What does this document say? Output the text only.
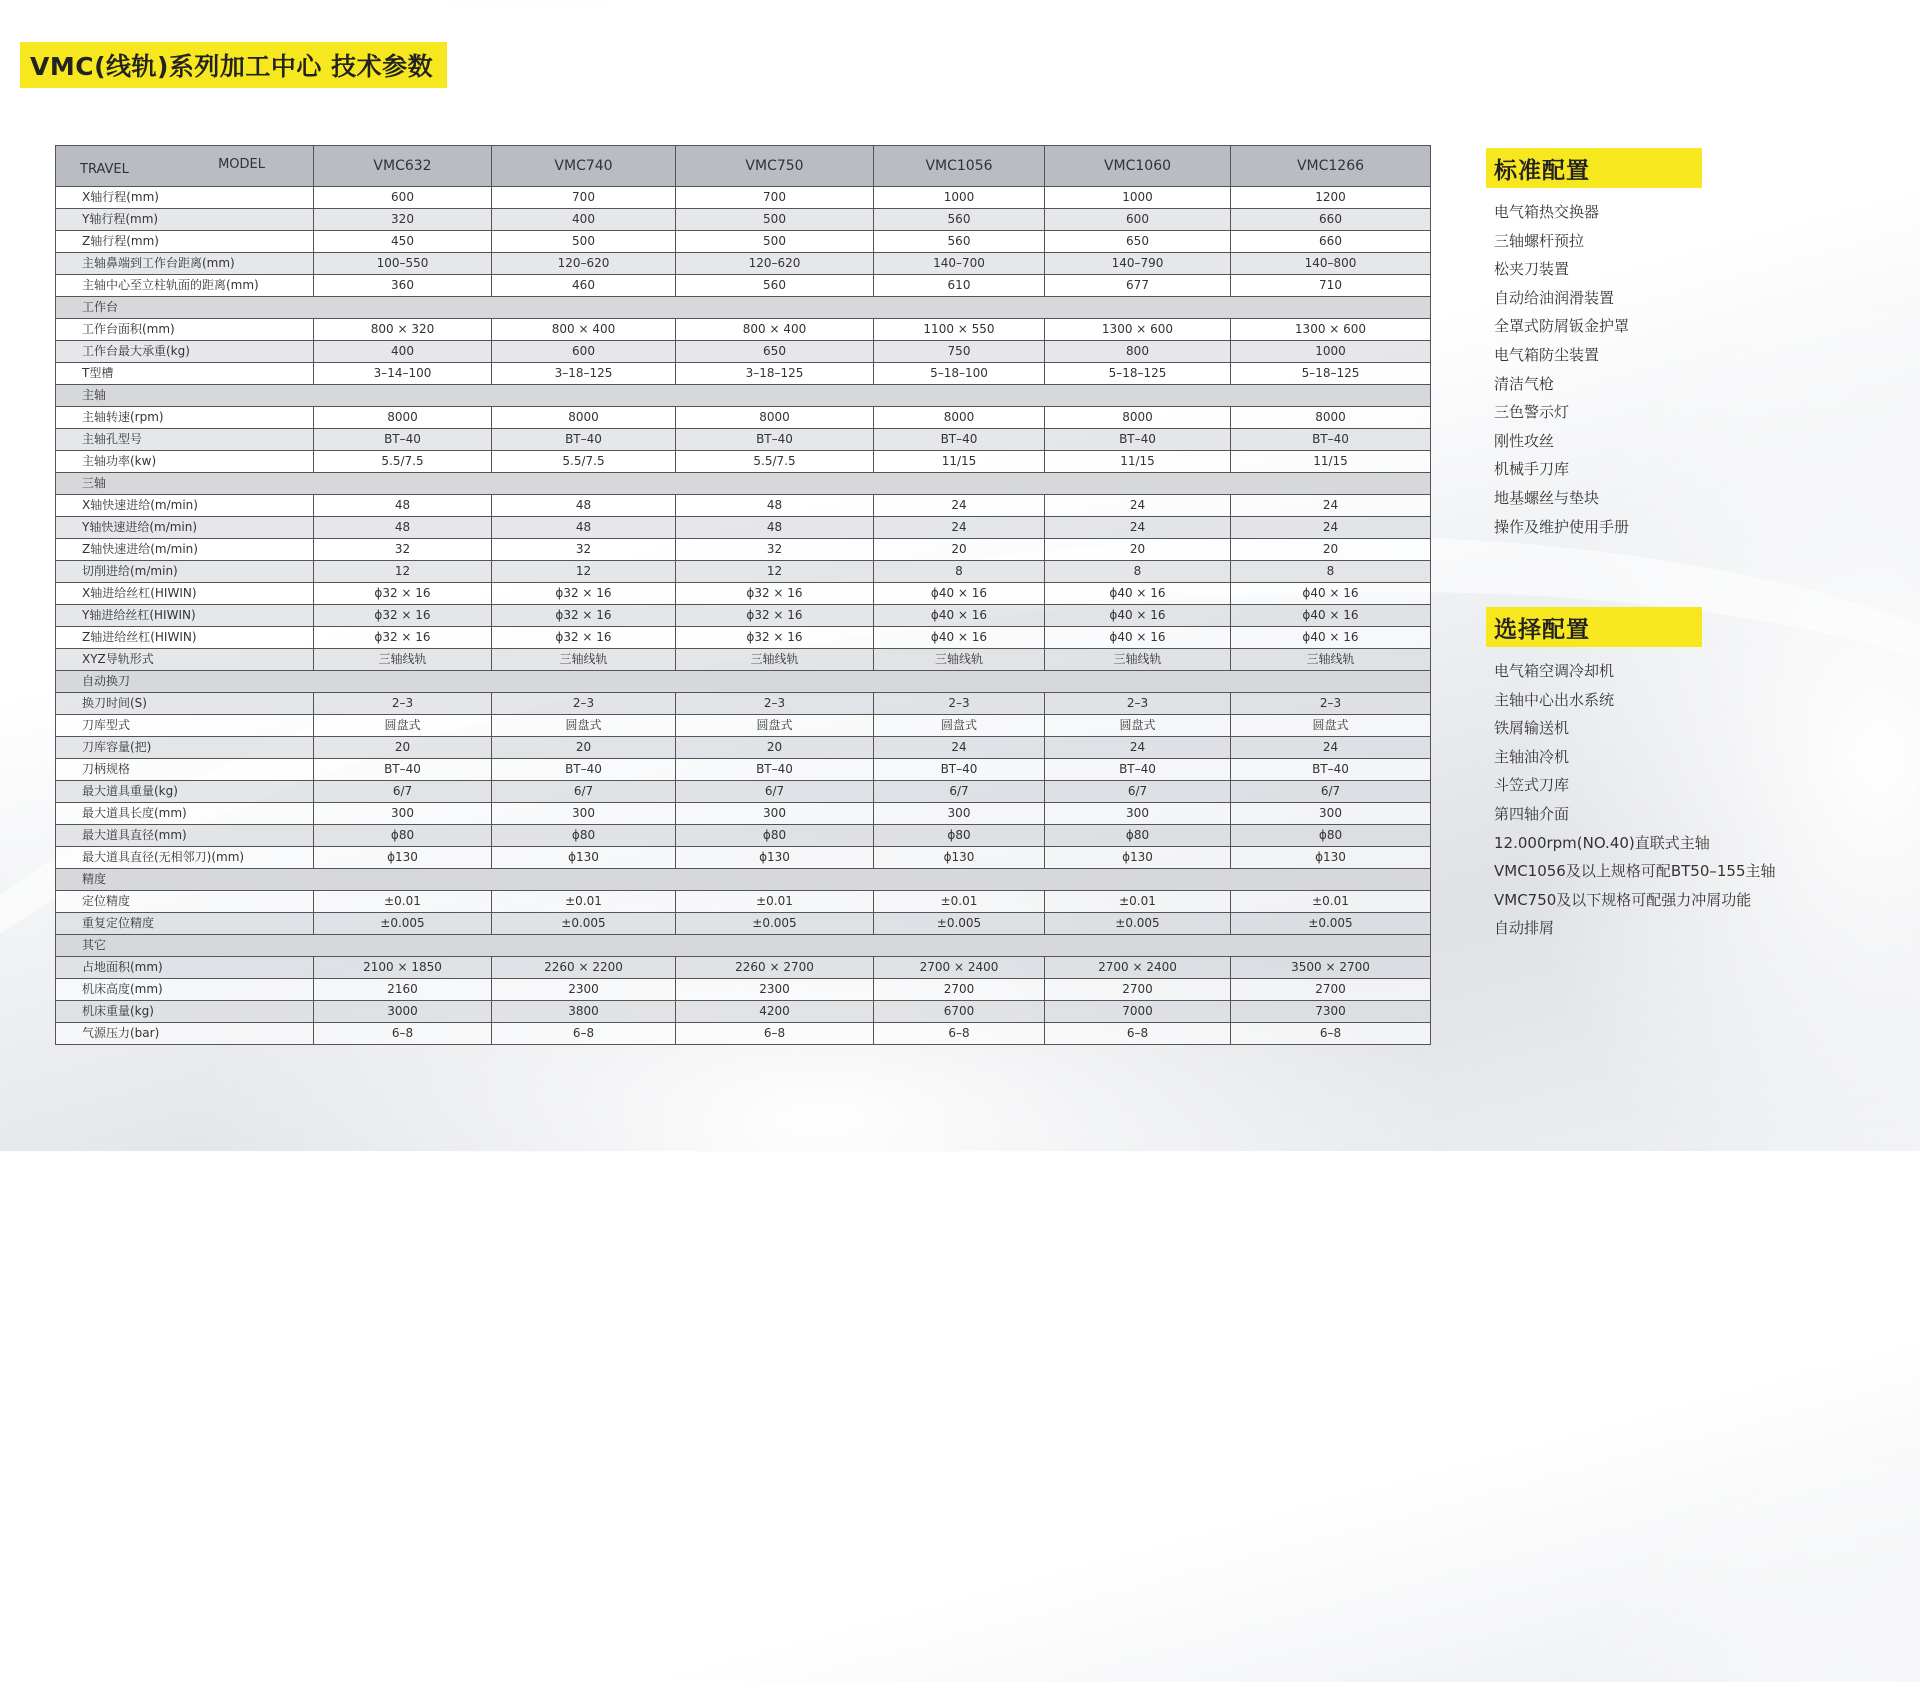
VMC(线轨)系列加工中心 技术参数
TRAVEL MODEL	VMC632	VMC740	VMC750	VMC1056	VMC1060	VMC1266
X轴行程(mm)	600	700	700	1000	1000	1200
Y轴行程(mm)	320	400	500	560	600	660
Z轴行程(mm)	450	500	500	560	650	660
主轴鼻端到工作台距离(mm)	100–550	120–620	120–620	140–700	140–790	140–800
主轴中心至立柱轨面的距离(mm)	360	460	560	610	677	710
工作台						
工作台面积(mm)	800 × 320	800 × 400	800 × 400	1100 × 550	1300 × 600	1300 × 600
工作台最大承重(kg)	400	600	650	750	800	1000
T型槽	3–14–100	3–18–125	3–18–125	5–18–100	5–18–125	5–18–125
主轴						
主轴转速(rpm)	8000	8000	8000	8000	8000	8000
主轴孔型号	BT–40	BT–40	BT–40	BT–40	BT–40	BT–40
主轴功率(kw)	5.5/7.5	5.5/7.5	5.5/7.5	11/15	11/15	11/15
三轴						
X轴快速进给(m/min)	48	48	48	24	24	24
Y轴快速进给(m/min)	48	48	48	24	24	24
Z轴快速进给(m/min)	32	32	32	20	20	20
切削进给(m/min)	12	12	12	8	8	8
X轴进给丝杠(HIWIN)	ϕ32 × 16	ϕ32 × 16	ϕ32 × 16	ϕ40 × 16	ϕ40 × 16	ϕ40 × 16
Y轴进给丝杠(HIWIN)	ϕ32 × 16	ϕ32 × 16	ϕ32 × 16	ϕ40 × 16	ϕ40 × 16	ϕ40 × 16
Z轴进给丝杠(HIWIN)	ϕ32 × 16	ϕ32 × 16	ϕ32 × 16	ϕ40 × 16	ϕ40 × 16	ϕ40 × 16
XYZ导轨形式	三轴线轨	三轴线轨	三轴线轨	三轴线轨	三轴线轨	三轴线轨
自动换刀						
换刀时间(S)	2–3	2–3	2–3	2–3	2–3	2–3
刀库型式	圆盘式	圆盘式	圆盘式	圆盘式	圆盘式	圆盘式
刀库容量(把)	20	20	20	24	24	24
刀柄规格	BT–40	BT–40	BT–40	BT–40	BT–40	BT–40
最大道具重量(kg)	6/7	6/7	6/7	6/7	6/7	6/7
最大道具长度(mm)	300	300	300	300	300	300
最大道具直径(mm)	ϕ80	ϕ80	ϕ80	ϕ80	ϕ80	ϕ80
最大道具直径(无相邻刀)(mm)	ϕ130	ϕ130	ϕ130	ϕ130	ϕ130	ϕ130
精度						
定位精度	±0.01	±0.01	±0.01	±0.01	±0.01	±0.01
重复定位精度	±0.005	±0.005	±0.005	±0.005	±0.005	±0.005
其它						
占地面积(mm)	2100 × 1850	2260 × 2200	2260 × 2700	2700 × 2400	2700 × 2400	3500 × 2700
机床高度(mm)	2160	2300	2300	2700	2700	2700
机床重量(kg)	3000	3800	4200	6700	7000	7300
气源压力(bar)	6–8	6–8	6–8	6–8	6–8	6–8
标准配置
电气箱热交换器
三轴螺杆预拉
松夹刀装置
自动给油润滑装置
全罩式防屑钣金护罩
电气箱防尘装置
清洁气枪
三色警示灯
刚性攻丝
机械手刀库
地基螺丝与垫块
操作及维护使用手册
选择配置
电气箱空调冷却机
主轴中心出水系统
铁屑输送机
主轴油冷机
斗笠式刀库
第四轴介面
12.000rpm(NO.40)直联式主轴
VMC1056及以上规格可配BT50–155主轴
VMC750及以下规格可配强力冲屑功能
自动排屑
